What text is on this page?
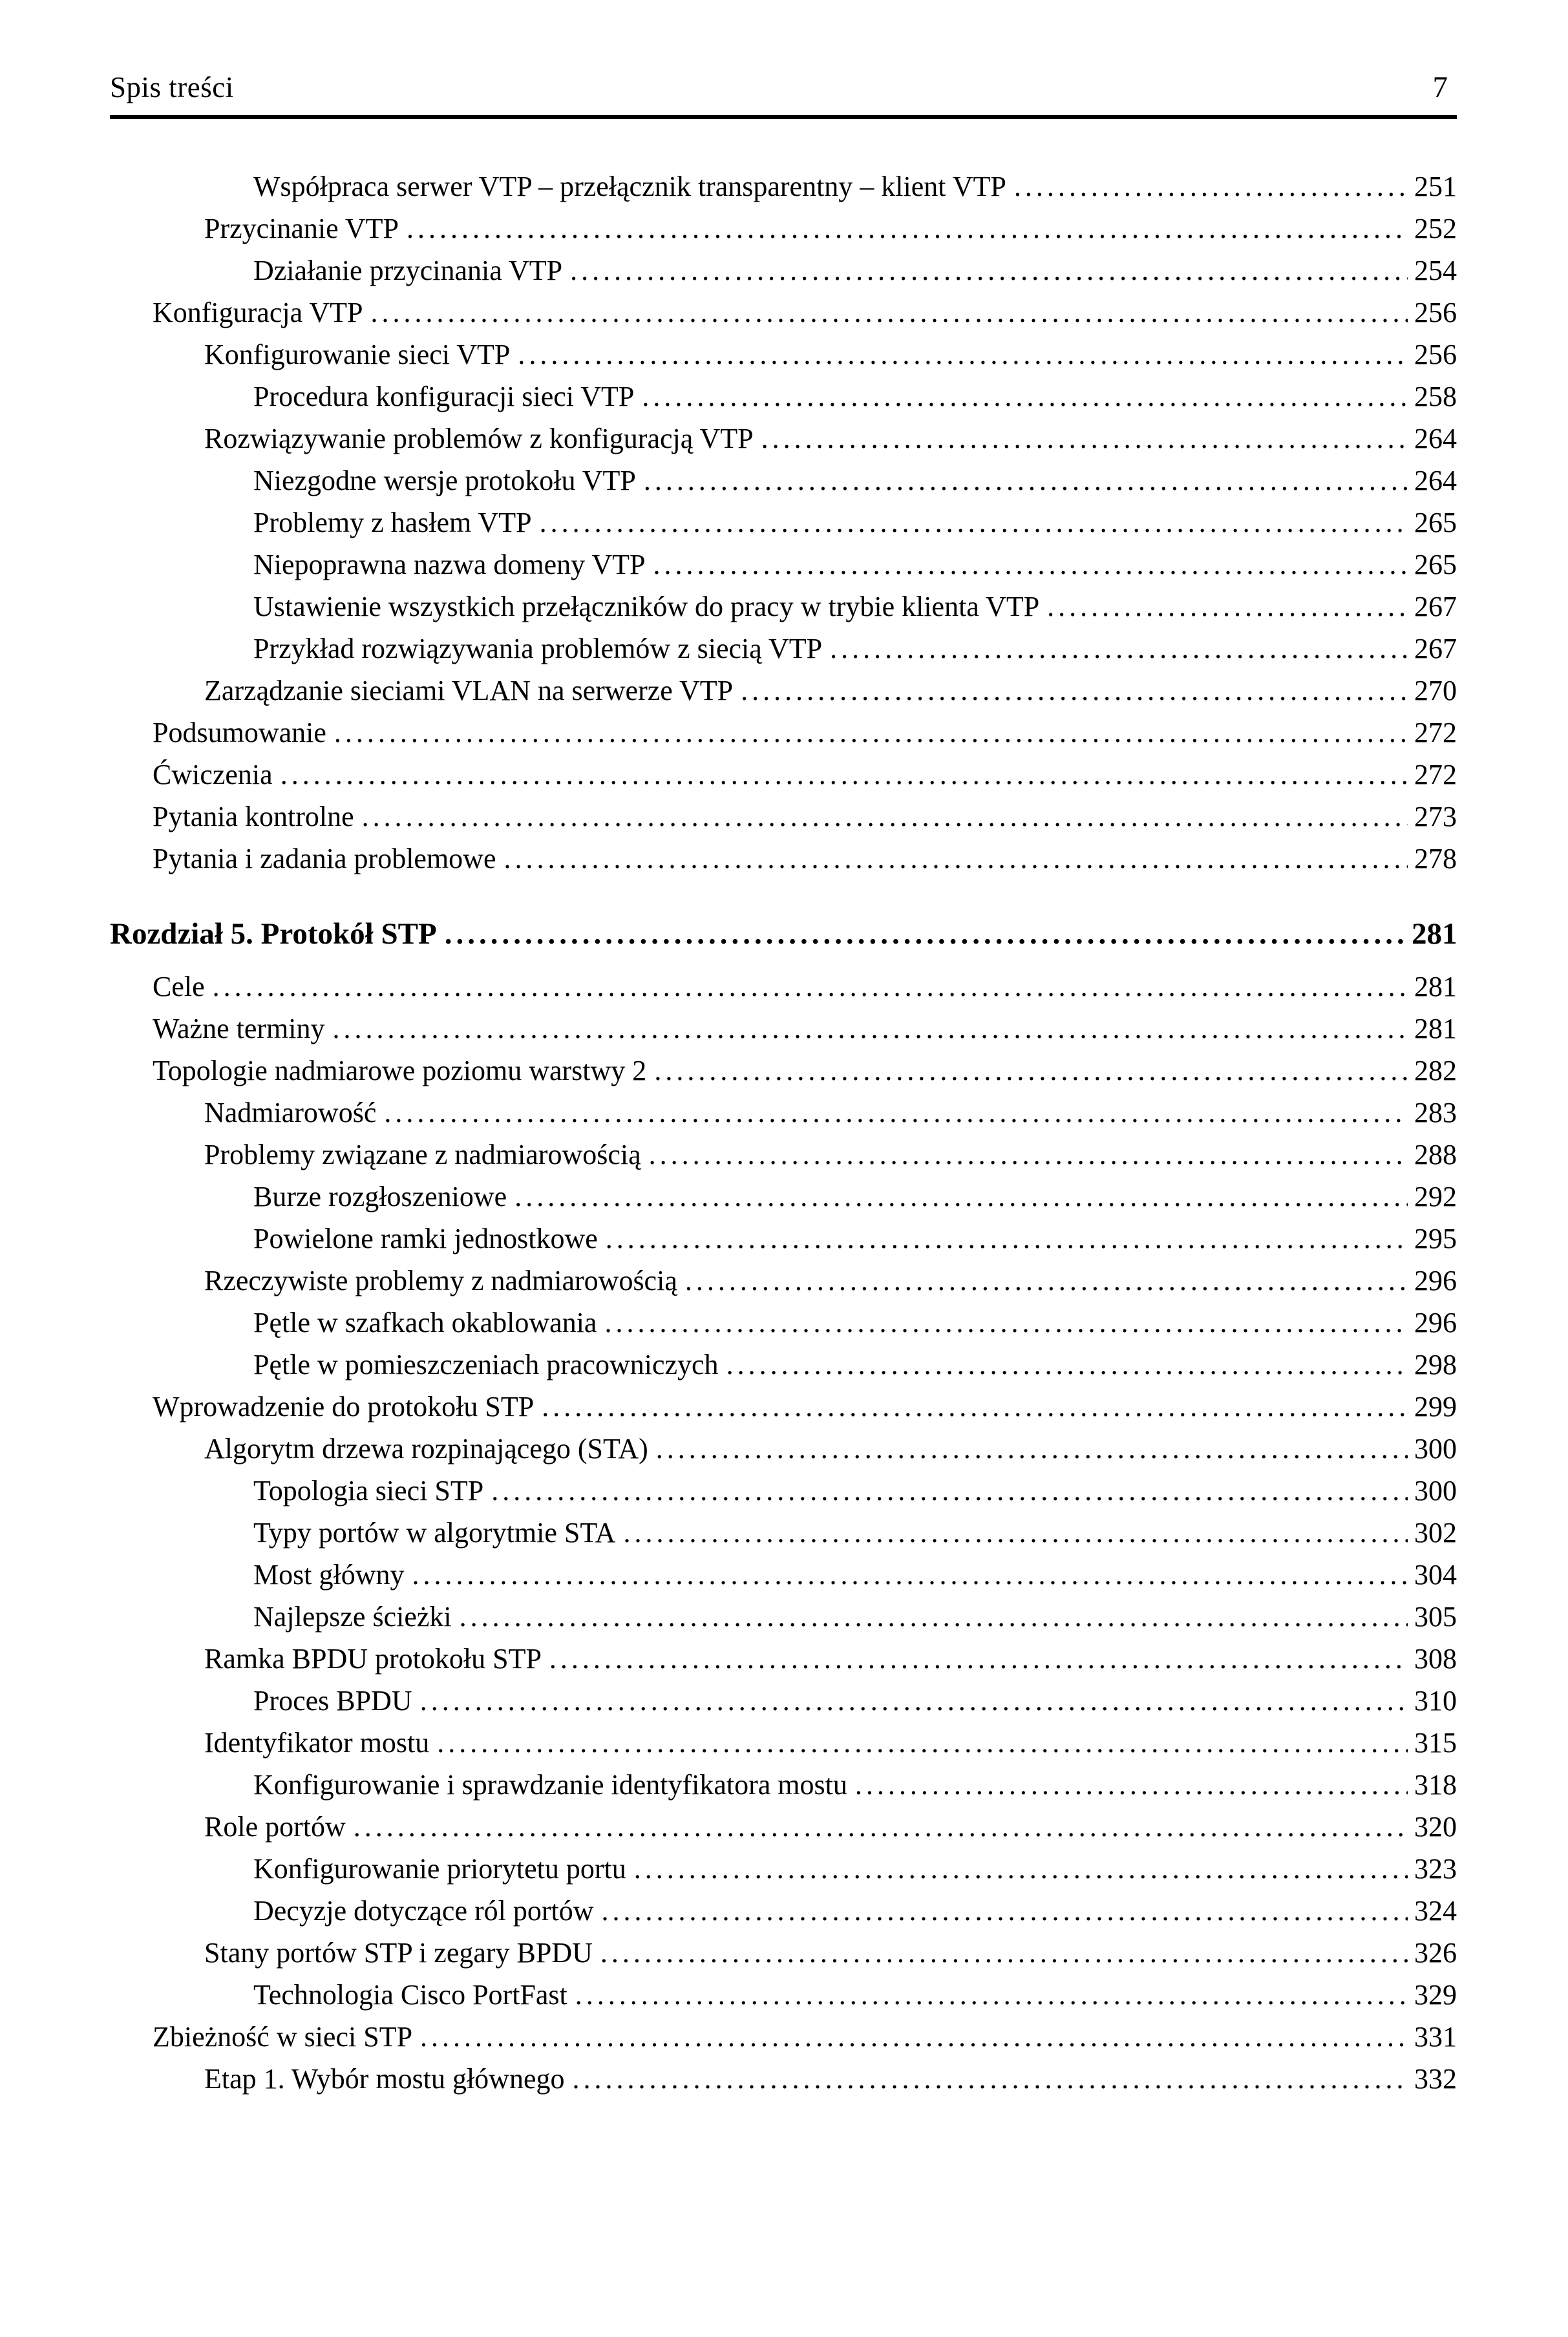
Spis treści	7
Współpraca serwer VTP – przełącznik transparentny – klient VTP .....	251
Przycinanie VTP .....	252
Działanie przycinania VTP .....	254
Konfiguracja VTP .....	256
Konfigurowanie sieci VTP .....	256
Procedura konfiguracji sieci VTP .....	258
Rozwiązywanie problemów z konfiguracją VTP .....	264
Niezgodne wersje protokołu VTP .....	264
Problemy z hasłem VTP .....	265
Niepoprawna nazwa domeny VTP .....	265
Ustawienie wszystkich przełączników do pracy w trybie klienta VTP .....	267
Przykład rozwiązywania problemów z siecią VTP .....	267
Zarządzanie sieciami VLAN na serwerze VTP .....	270
Podsumowanie .....	272
Ćwiczenia .....	272
Pytania kontrolne .....	273
Pytania i zadania problemowe .....	278
Rozdział 5. Protokół STP .....	281
Cele .....	281
Ważne terminy .....	281
Topologie nadmiarowe poziomu warstwy 2 .....	282
Nadmiarowość .....	283
Problemy związane z nadmiarowością .....	288
Burze rozgłoszeniowe .....	292
Powielone ramki jednostkowe .....	295
Rzeczywiste problemy z nadmiarowością .....	296
Pętle w szafkach okablowania .....	296
Pętle w pomieszczeniach pracowniczych .....	298
Wprowadzenie do protokołu STP .....	299
Algorytm drzewa rozpinającego (STA) .....	300
Topologia sieci STP .....	300
Typy portów w algorytmie STA .....	302
Most główny .....	304
Najlepsze ścieżki .....	305
Ramka BPDU protokołu STP .....	308
Proces BPDU .....	310
Identyfikator mostu .....	315
Konfigurowanie i sprawdzanie identyfikatora mostu .....	318
Role portów .....	320
Konfigurowanie priorytetu portu .....	323
Decyzje dotyczące ról portów .....	324
Stany portów STP i zegary BPDU .....	326
Technologia Cisco PortFast .....	329
Zbieżność w sieci STP .....	331
Etap 1. Wybór mostu głównego .....	332
